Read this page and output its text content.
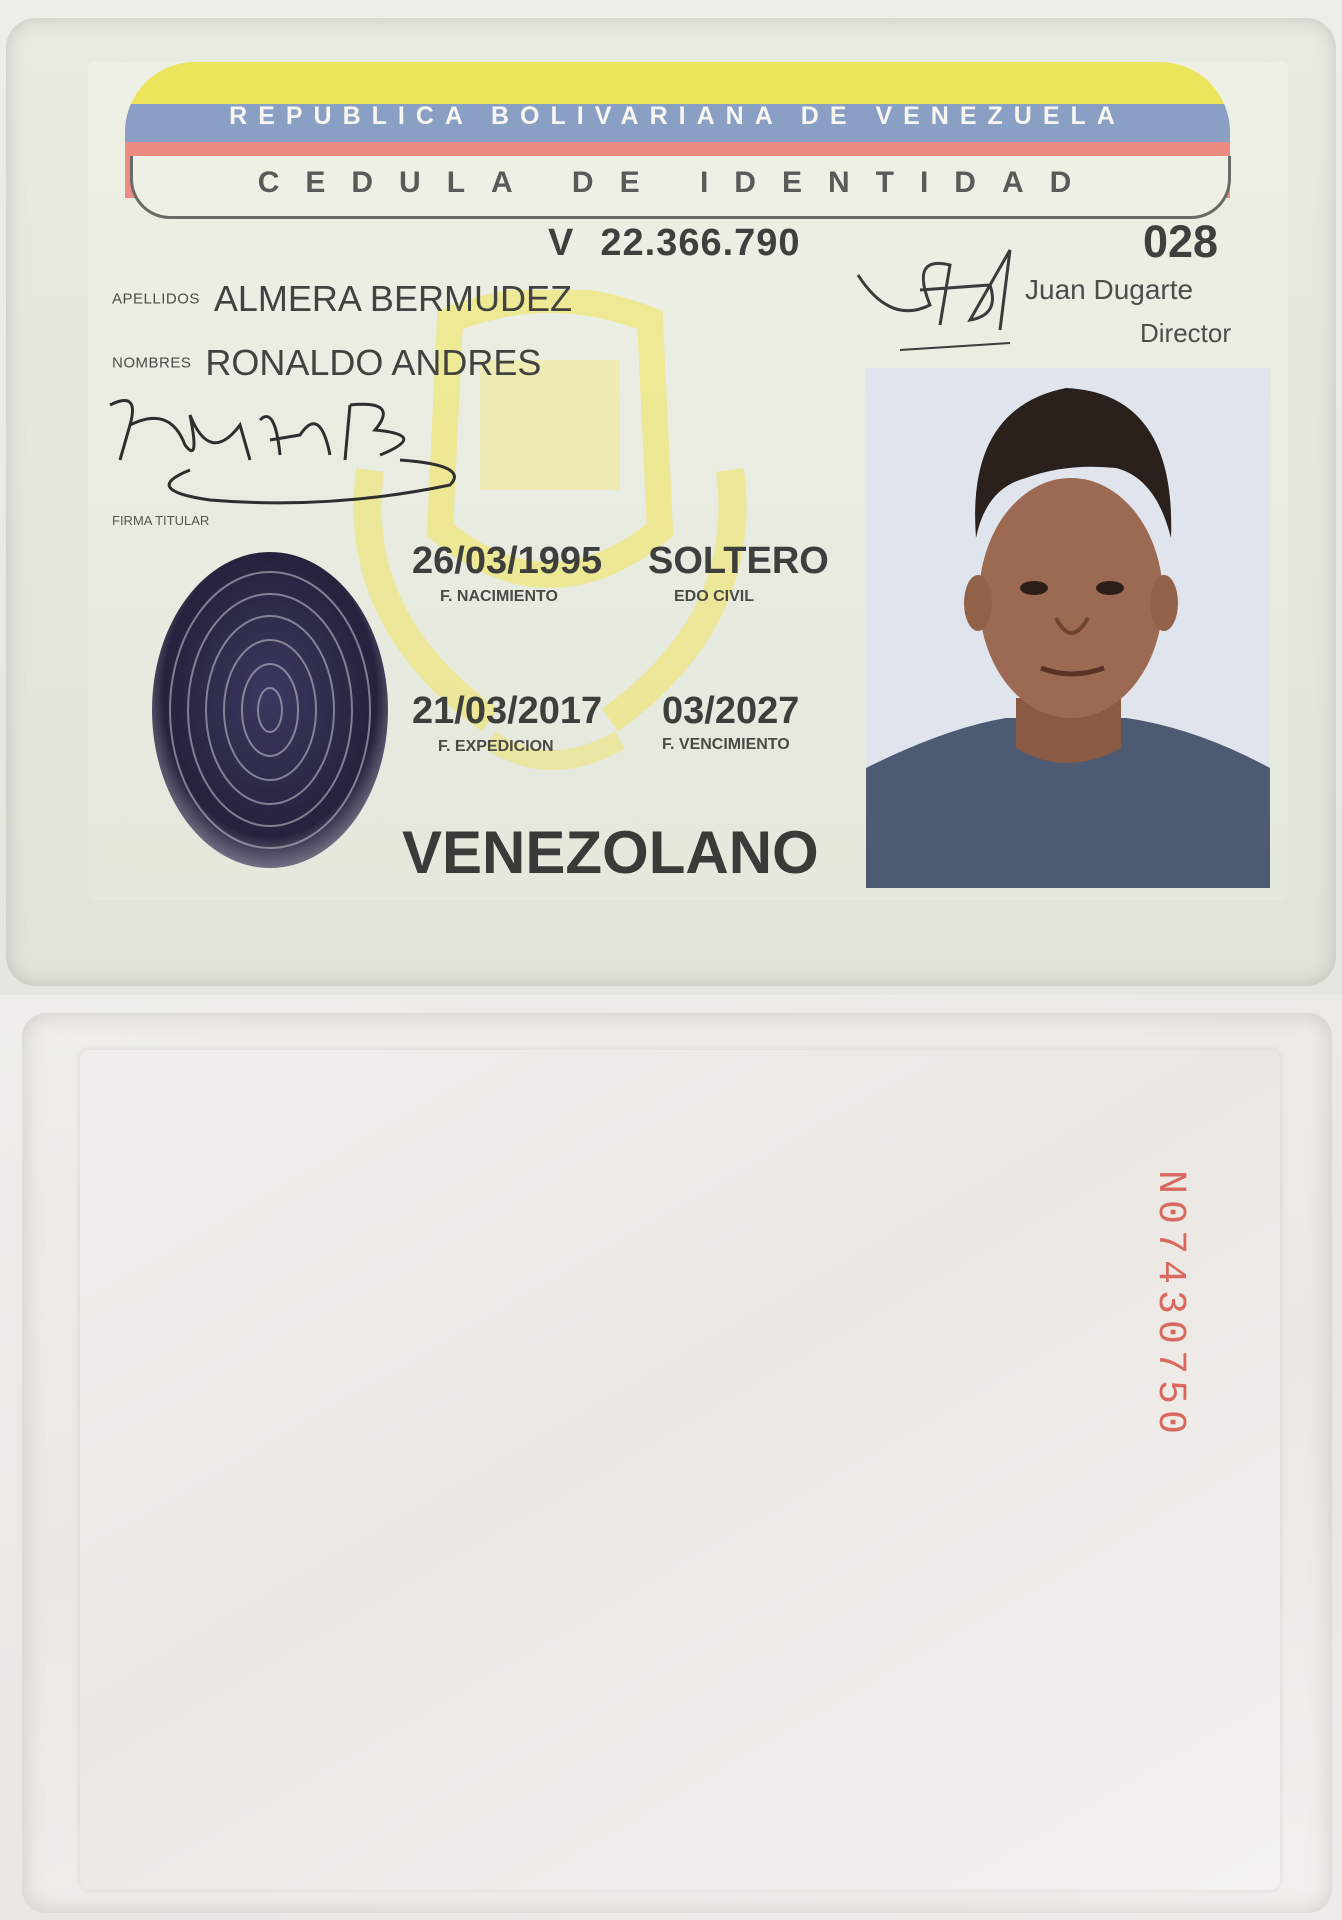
REPUBLICA BOLIVARIANA DE VENEZUELA
CEDULA DE IDENTIDAD
V 22.366.790	028
Juan Dugarte
Director
APELLIDOS ALMERA BERMUDEZ
NOMBRES RONALDO ANDRES
FIRMA TITULAR
26/03/1995
F. NACIMIENTO
SOLTERO
EDO CIVIL
21/03/2017
F. EXPEDICION
03/2027
F. VENCIMIENTO
VENEZOLANO
N07430750
